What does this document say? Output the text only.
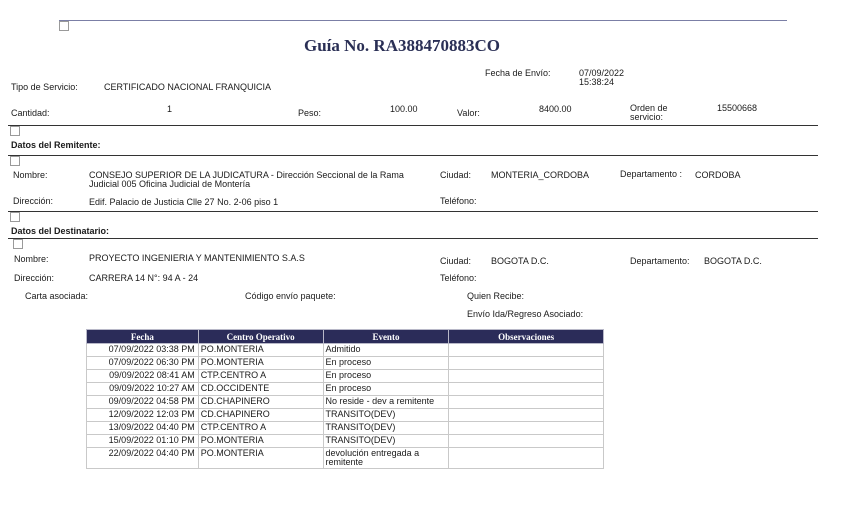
Guía No. RA388470883CO
Fecha de Envío:	07/09/2022
15:38:24
Tipo de Servicio:	CERTIFICADO NACIONAL FRANQUICIA
Cantidad:	1	Peso:	100.00	Valor:	8400.00	Orden de servicio:
15500668
Datos del Remitente:
Nombre:	CONSEJO SUPERIOR DE LA JUDICATURA - Dirección Seccional de la Rama Judicial 005 Oficina Judicial de Montería
Ciudad: MONTERIA_CORDOBA	Departamento :	CORDOBA
Dirección:	Edif. Palacio de Justicia Clle 27 No. 2-06 piso 1	Teléfono:
Datos del Destinatario:
Nombre:	PROYECTO INGENIERIA Y MANTENIMIENTO S.A.S	Ciudad: BOGOTA D.C.	Departamento: BOGOTA D.C.
Dirección:	CARRERA 14 N°: 94 A - 24	Teléfono:
Carta asociada:	Código envío paquete:	Quien Recibe:
Envío Ida/Regreso Asociado:
Fecha	Centro Operativo	Evento	Observaciones
07/09/2022 03:38 PM	PO.MONTERIA	Admitido	
07/09/2022 06:30 PM	PO.MONTERIA	En proceso	
09/09/2022 08:41 AM	CTP.CENTRO A	En proceso	
09/09/2022 10:27 AM	CD.OCCIDENTE	En proceso	
09/09/2022 04:58 PM	CD.CHAPINERO	No reside - dev a remitente	
12/09/2022 12:03 PM	CD.CHAPINERO	TRANSITO(DEV)	
13/09/2022 04:40 PM	CTP.CENTRO A	TRANSITO(DEV)	
15/09/2022 01:10 PM	PO.MONTERIA	TRANSITO(DEV)	
22/09/2022 04:40 PM	PO.MONTERIA	devolución entregada a remitente	
